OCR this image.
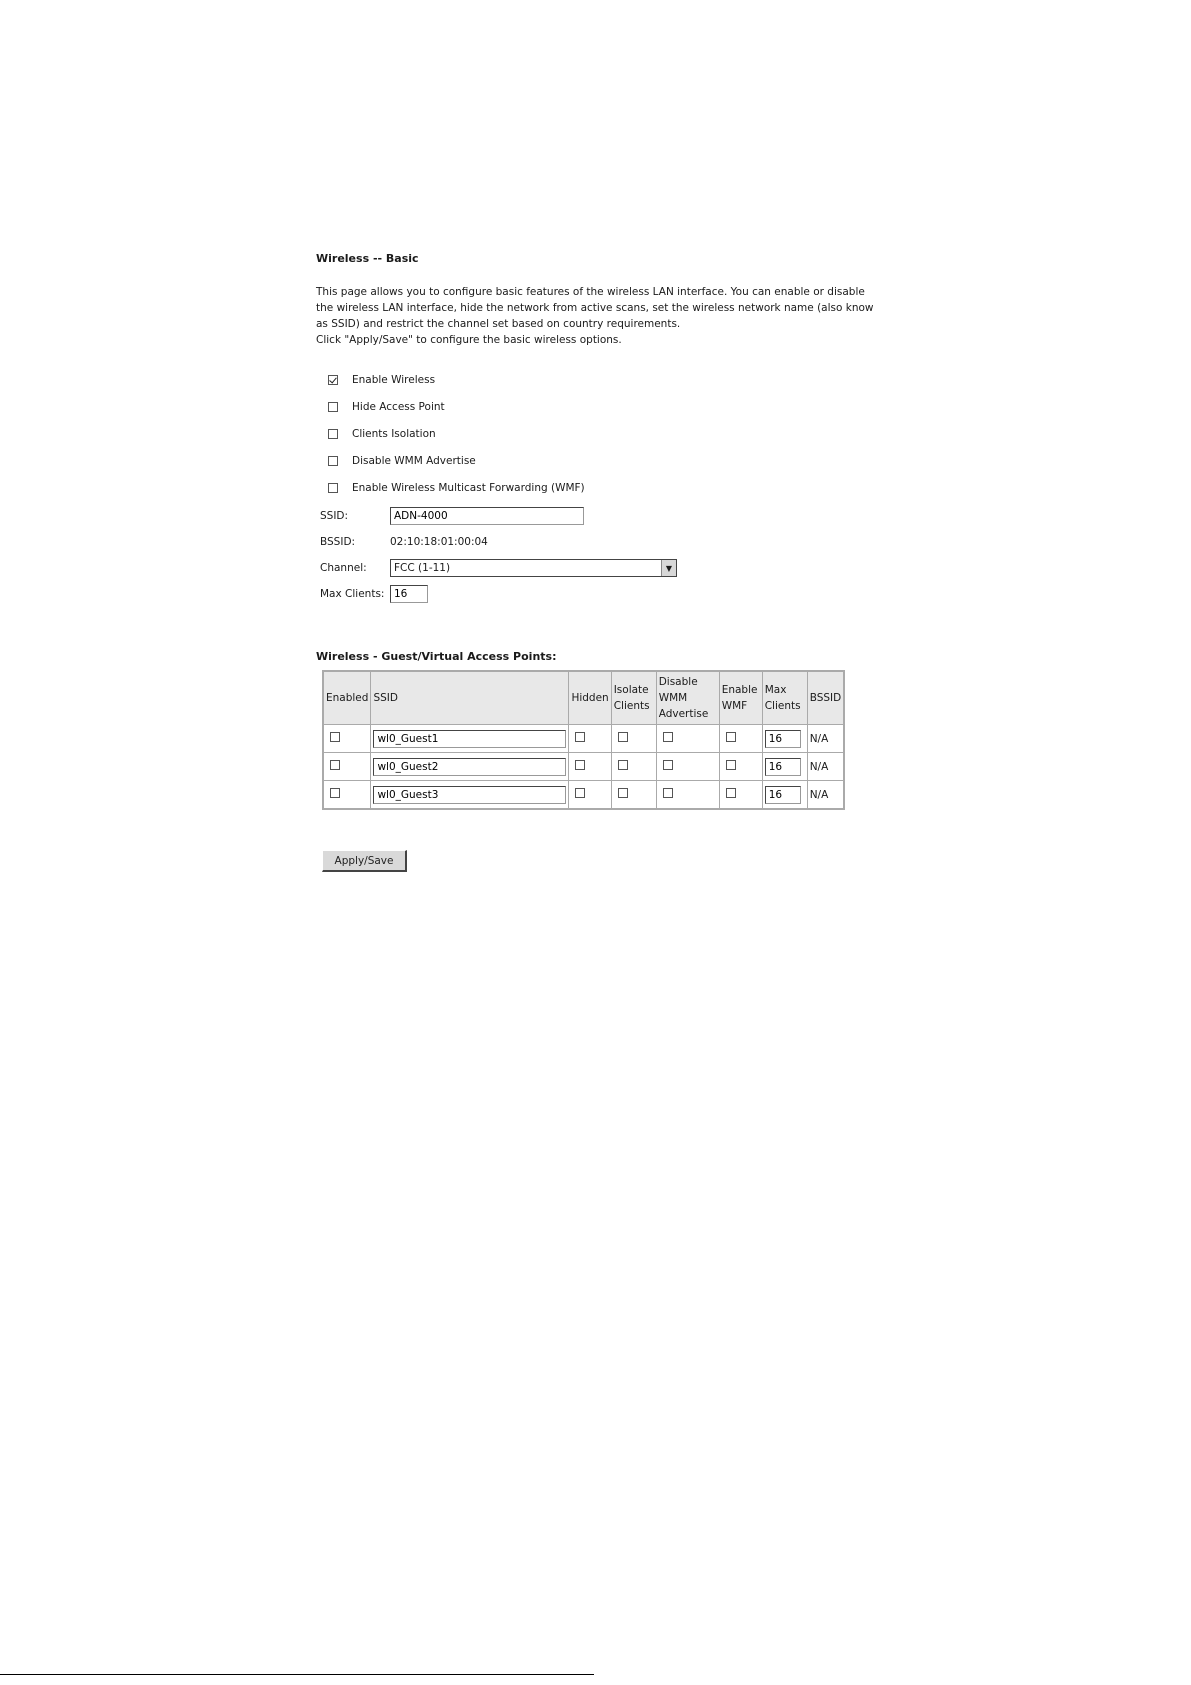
Wireless -- Basic

This page allows you to configure basic features of the wireless LAN interface. You can enable or disable

the wireless LAN interface, hide the network from active scans, set the wireless network name (also know

as SSID) and restrict the channel set based on country requirements.

Click "Apply/Save" to configure the basic wireless options.

Enable Wireless
Hide Access Point
Clients Isolation
Disable WMM Advertise
Enable Wireless Multicast Forwarding (WMF)
SSID:	ADN-4000
BSSID:	02:10:18:01:00:04
Channel:	FCC (1-11)	▼
Max Clients: 16
Wireless - Guest/Virtual Access Points:
Enabled	SSID	Hidden	Isolate Clients	Disable WMM Advertise	Enable WMF	Max Clients	BSSID

	wl0_Guest1					16	N/A

	wl0_Guest2					16	N/A

	wl0_Guest3					16	N/A
Apply/Save
